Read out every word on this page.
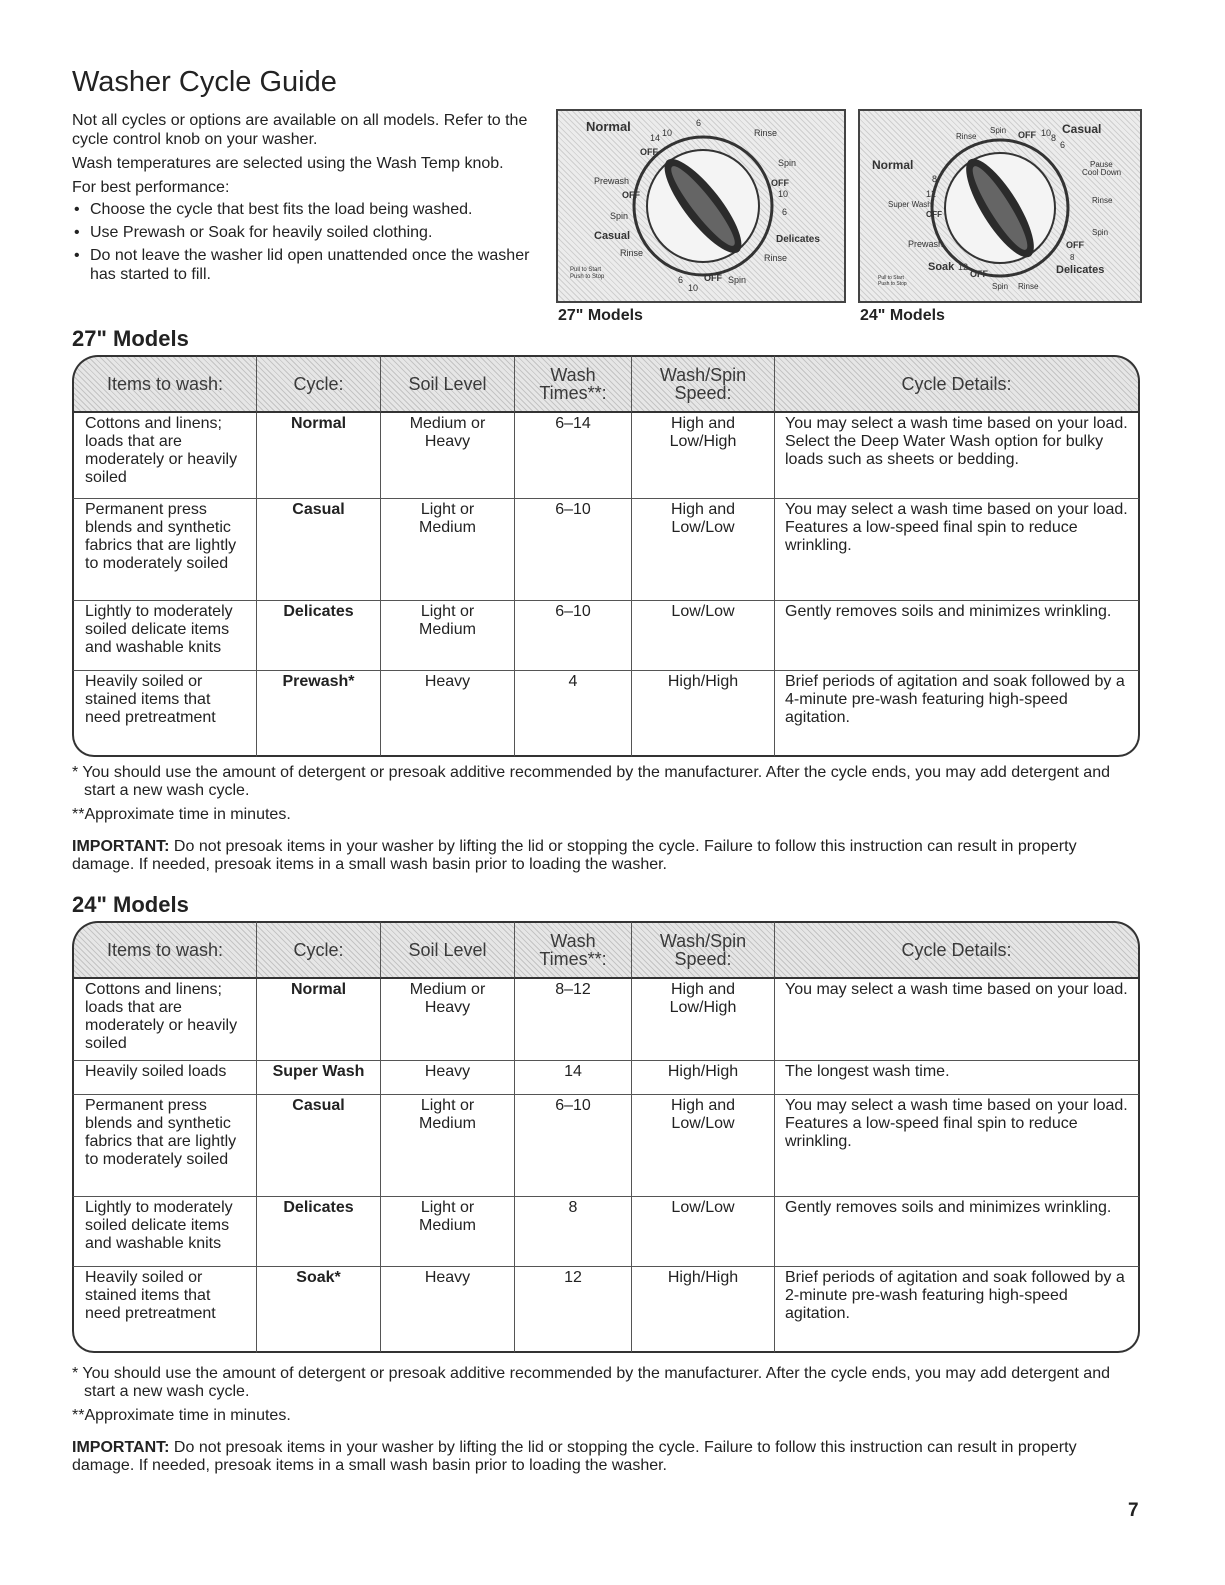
Washer Cycle Guide

Not all cycles or options are available on all models. Refer to the cycle control knob on your washer.

Wash temperatures are selected using the Wash Temp knob.

For best performance:

• Choose the cycle that best fits the load being washed.
• Use Prewash or Soak for heavily soiled clothing.
• Do not leave the washer lid open unattended once the washer has started to fill.
Normal
14 10
6
Rinse
OFF
Spin
Prewash
OFF
OFF
10
6
Spin
Casual	Delicates
Rinse	Rinse
Pull to Start
Push to Stop	6
10
OFF Spin
27" Models
Rinse
Spin OFF 10 8
Casual
6
Normal	Pause
Cool Down
8
12
Super Wash
OFF
Rinse
Prewash
Spin
OFF
8
Soak 12
OFF	Delicates
Pull to Start
Push to Stop	Spin Rinse
24" Models
27" Models
Items to wash:	Cycle:	Soil Level	Wash Times**:	Wash/Spin Speed:	Cycle Details:
Cottons and linens; loads that are moderately or heavily soiled	Normal	Medium or Heavy	6–14	High and Low/High	You may select a wash time based on your load. Select the Deep Water Wash option for bulky loads such as sheets or bedding.
Permanent press blends and synthetic fabrics that are lightly to moderately soiled	Casual	Light or Medium	6–10	High and Low/Low	You may select a wash time based on your load. Features a low-speed final spin to reduce wrinkling.
Lightly to moderately soiled delicate items and washable knits	Delicates	Light or Medium	6–10	Low/Low	Gently removes soils and minimizes wrinkling.
Heavily soiled or stained items that need pretreatment	Prewash*	Heavy	4	High/High	Brief periods of agitation and soak followed by a 4-minute pre-wash featuring high-speed agitation.

* You should use the amount of detergent or presoak additive recommended by the manufacturer. After the cycle ends, you may add detergent and start a new wash cycle.

**Approximate time in minutes.

IMPORTANT: Do not presoak items in your washer by lifting the lid or stopping the cycle. Failure to follow this instruction can result in property damage. If needed, presoak items in a small wash basin prior to loading the washer.

24" Models
Items to wash:	Cycle:	Soil Level	Wash Times**:	Wash/Spin Speed:	Cycle Details:
Cottons and linens; loads that are moderately or heavily soiled	Normal	Medium or Heavy	8–12	High and Low/High	You may select a wash time based on your load.
Heavily soiled loads	Super Wash	Heavy	14	High/High	The longest wash time.
Permanent press blends and synthetic fabrics that are lightly to moderately soiled	Casual	Light or Medium	6–10	High and Low/Low	You may select a wash time based on your load. Features a low-speed final spin to reduce wrinkling.
Lightly to moderately soiled delicate items and washable knits	Delicates	Light or Medium	8	Low/Low	Gently removes soils and minimizes wrinkling.
Heavily soiled or stained items that need pretreatment	Soak*	Heavy	12	High/High	Brief periods of agitation and soak followed by a 2-minute pre-wash featuring high-speed agitation.

* You should use the amount of detergent or presoak additive recommended by the manufacturer. After the cycle ends, you may add detergent and start a new wash cycle.

**Approximate time in minutes.

IMPORTANT: Do not presoak items in your washer by lifting the lid or stopping the cycle. Failure to follow this instruction can result in property damage. If needed, presoak items in a small wash basin prior to loading the washer.

7
